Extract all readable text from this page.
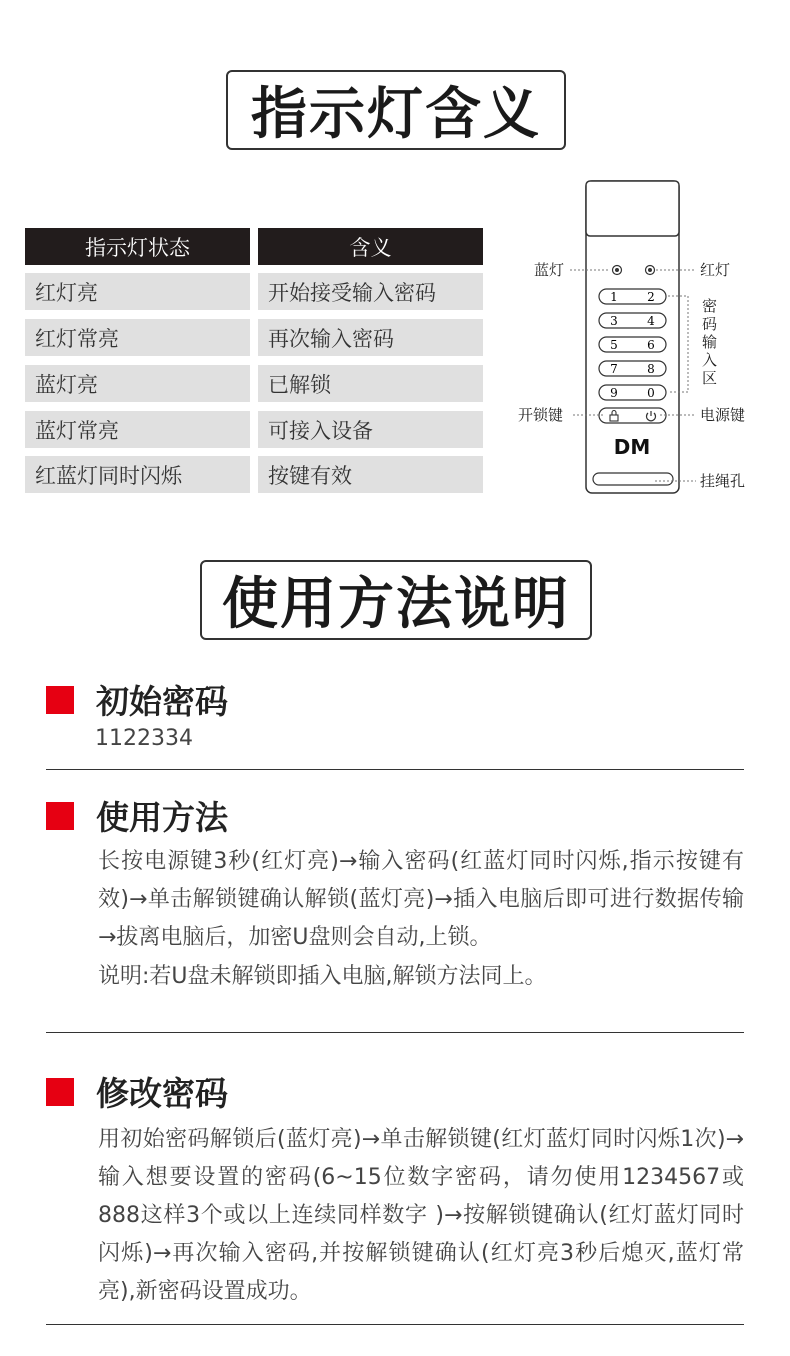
指示灯含义
指示灯状态	含义
红灯亮	开始接受输入密码
红灯常亮	再次输入密码
蓝灯亮	已解锁
蓝灯常亮	可接入设备
红蓝灯同时闪烁	按键有效
1 2
3 4
5 6
7 8
9 0
DM
蓝灯	红灯
密
码
输
入
区
开锁键	电源键
挂绳孔
使用方法说明
初始密码
1122334
使用方法
长按电源键3秒(红灯亮)→输入密码(红蓝灯同时闪烁,指示按键有效)→单击解锁键确认解锁(蓝灯亮)→插入电脑后即可进行数据传输→拔离电脑后，加密U盘则会自动,上锁。
说明:若U盘未解锁即插入电脑,解锁方法同上。
修改密码
用初始密码解锁后(蓝灯亮)→单击解锁键(红灯蓝灯同时闪烁1次)→输入想要设置的密码(6~15位数字密码，请勿使用1234567或888这样3个或以上连续同样数字 )→按解锁键确认(红灯蓝灯同时闪烁)→再次输入密码,并按解锁键确认(红灯亮3秒后熄灭,蓝灯常亮),新密码设置成功。
